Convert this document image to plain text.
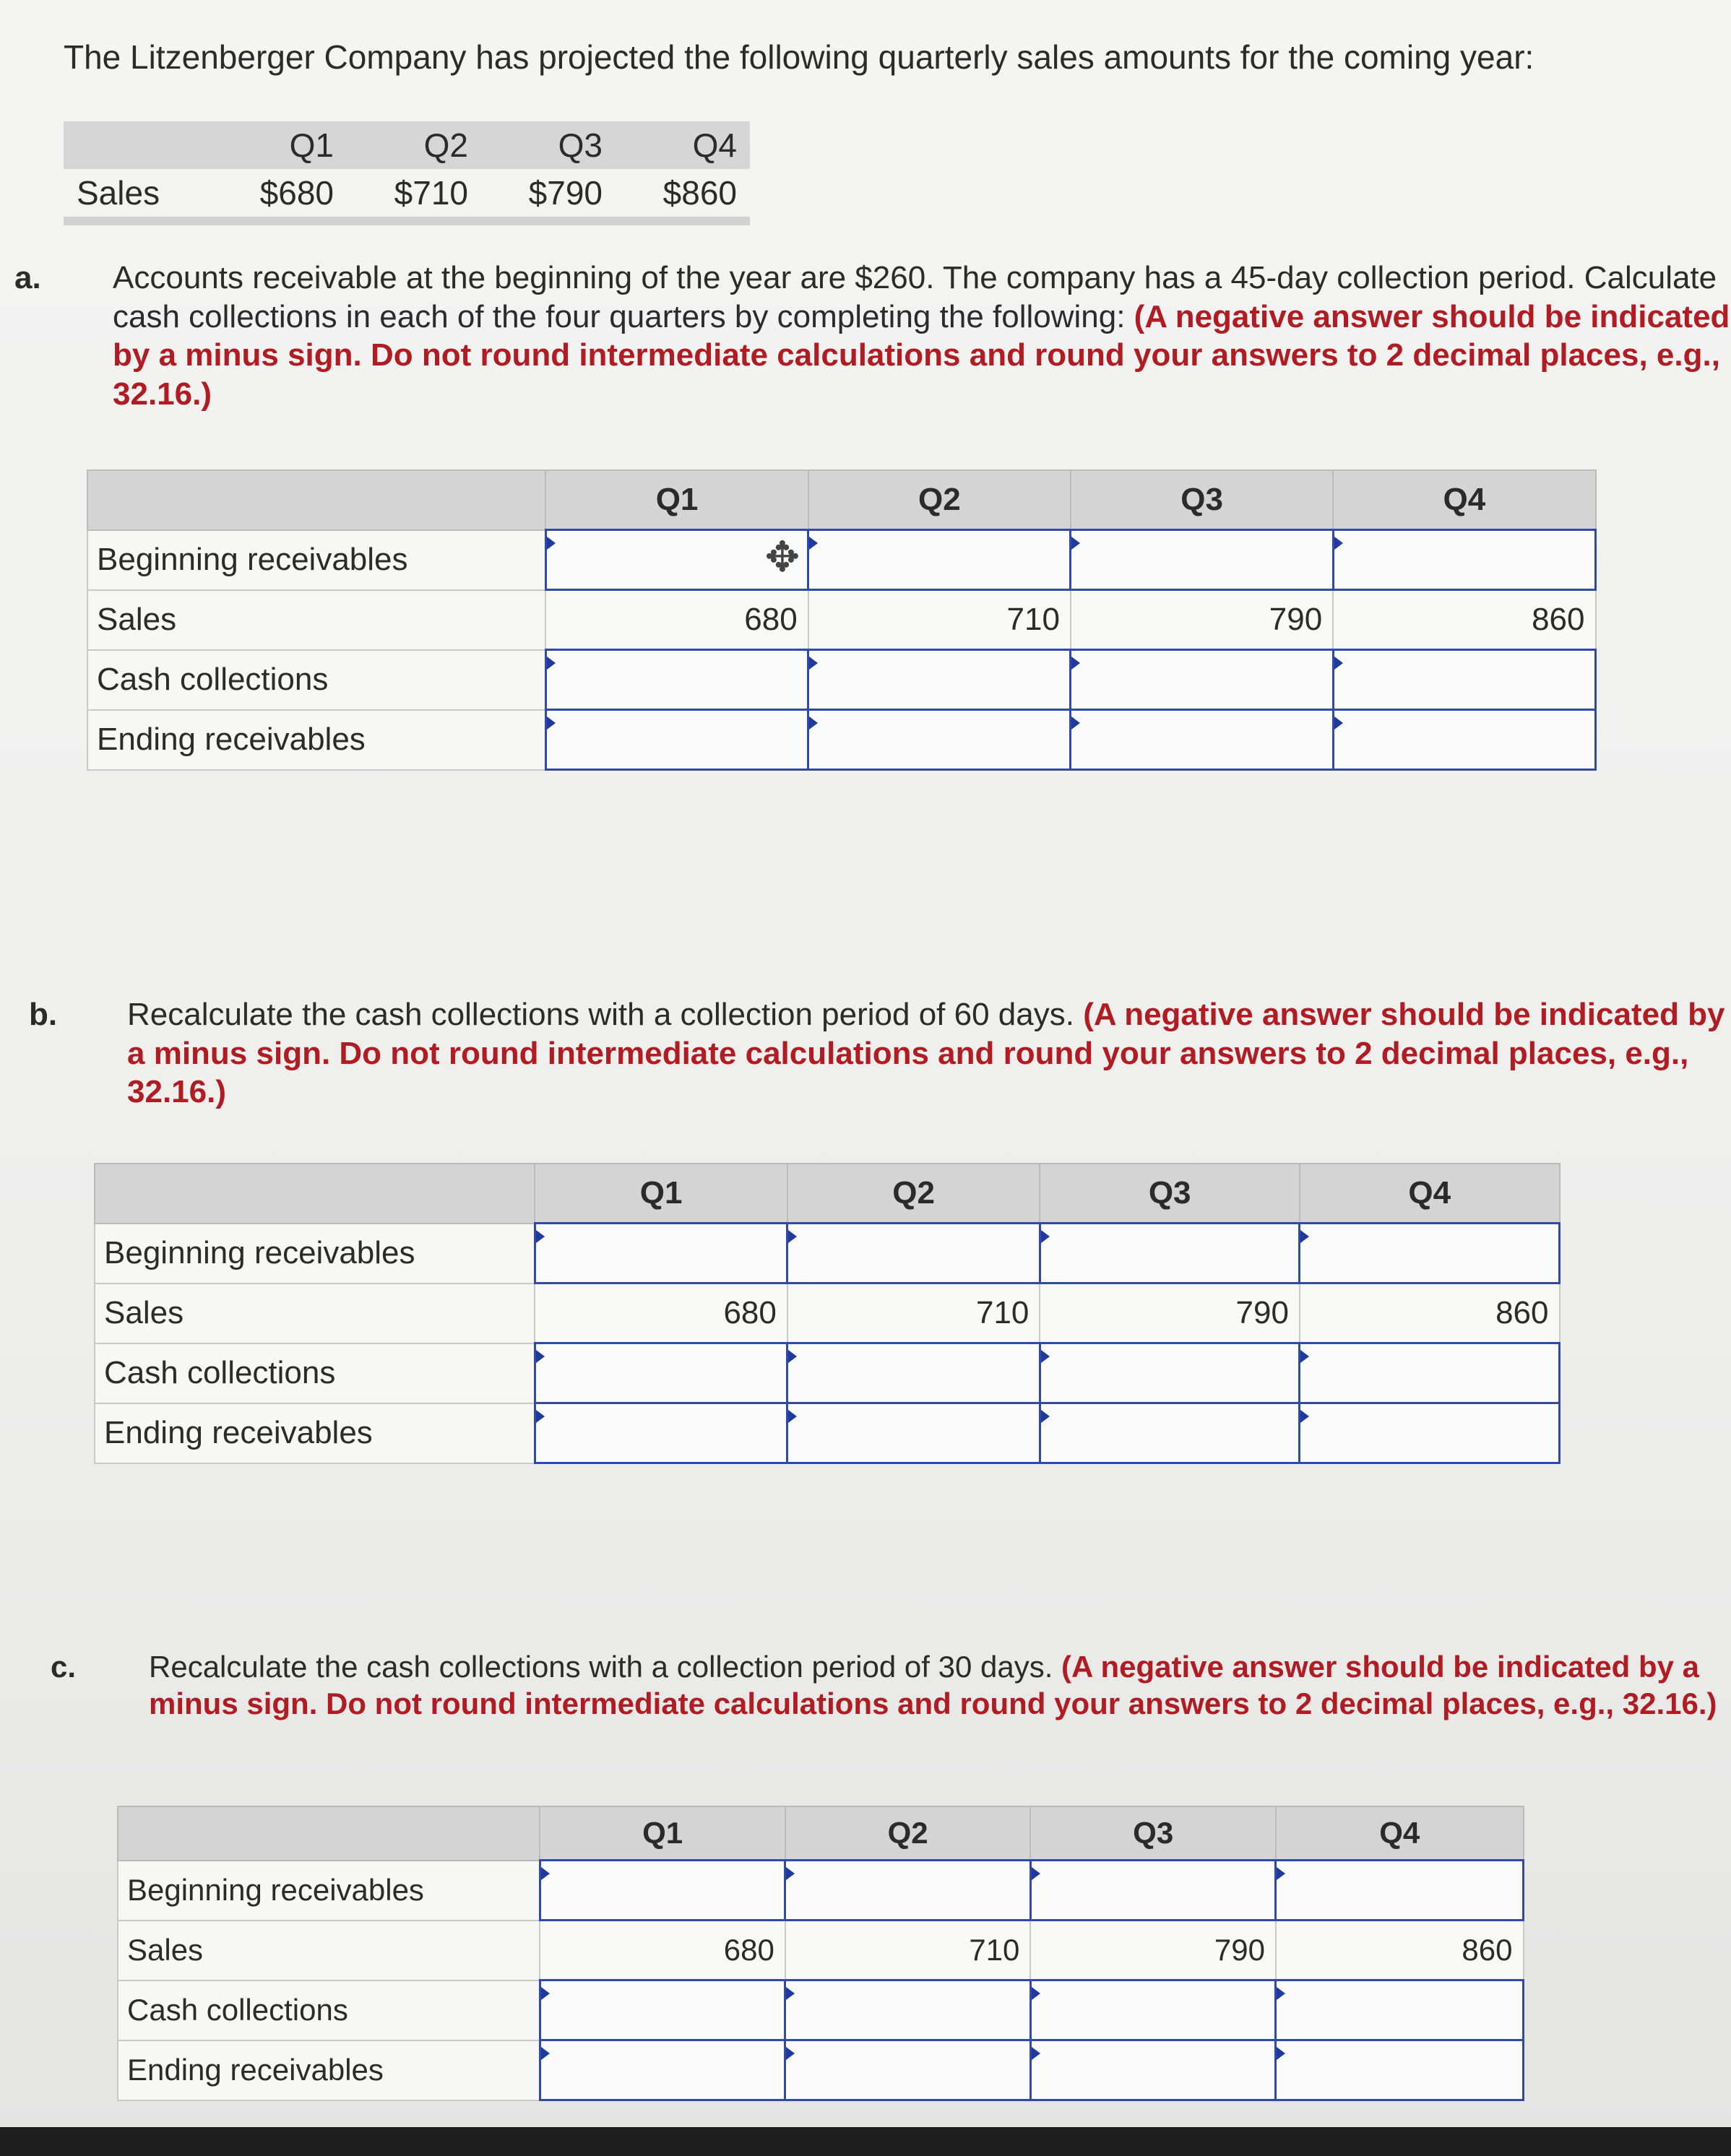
The Litzenberger Company has projected the following quarterly sales amounts for the coming year:

	Q1	Q2	Q3	Q4
Sales	$680	$710	$790	$860

a. Accounts receivable at the beginning of the year are $260. The company has a 45-day collection period. Calculate cash collections in each of the four quarters by completing the following: (A negative answer should be indicated by a minus sign. Do not round intermediate calculations and round your answers to 2 decimal places, e.g., 32.16.)

	Q1	Q2	Q3	Q4
Beginning receivables	✥			

Sales	680	710	790	860
Cash collections				
Ending receivables				

b. Recalculate the cash collections with a collection period of 60 days. (A negative answer should be indicated by a minus sign. Do not round intermediate calculations and round your answers to 2 decimal places, e.g., 32.16.)

	Q1	Q2	Q3	Q4
Beginning receivables				
Sales	680	710	790	860
Cash collections				
Ending receivables				

c. Recalculate the cash collections with a collection period of 30 days. (A negative answer should be indicated by a minus sign. Do not round intermediate calculations and round your answers to 2 decimal places, e.g., 32.16.)

	Q1	Q2	Q3	Q4
Beginning receivables				
Sales	680	710	790	860
Cash collections				
Ending receivables				
